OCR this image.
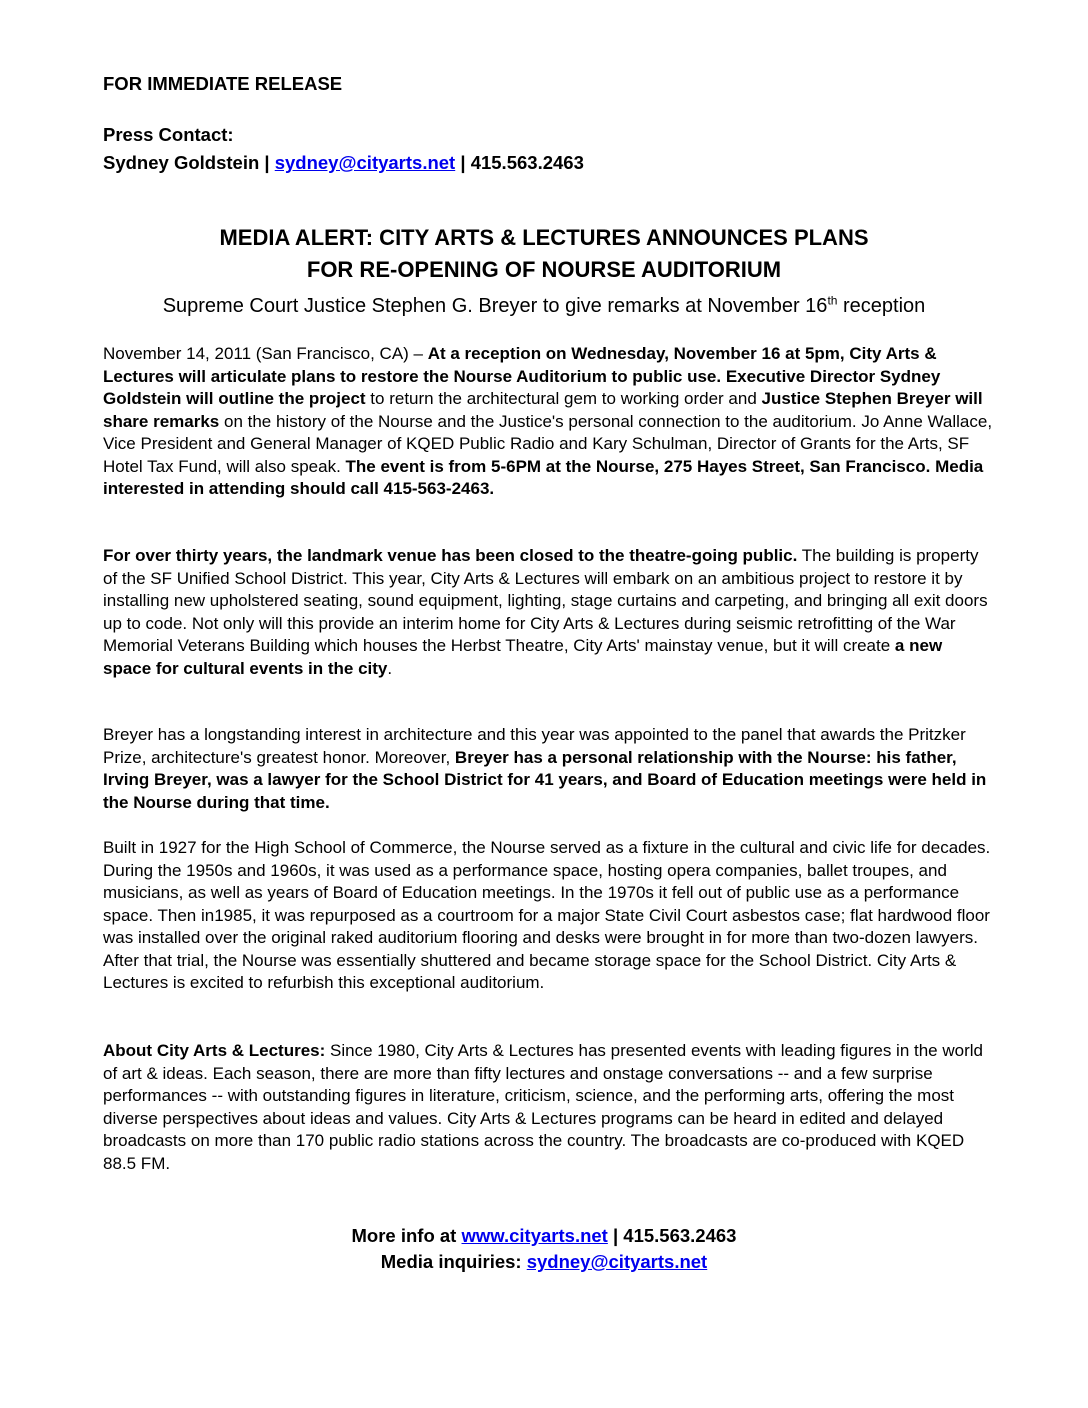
FOR IMMEDIATE RELEASE
Press Contact:
Sydney Goldstein | sydney@cityarts.net | 415.563.2463
MEDIA ALERT: CITY ARTS & LECTURES ANNOUNCES PLANS
FOR RE-OPENING OF NOURSE AUDITORIUM
Supreme Court Justice Stephen G. Breyer to give remarks at November 16th reception
November 14, 2011 (San Francisco, CA) – At a reception on Wednesday, November 16 at 5pm, City Arts & Lectures will articulate plans to restore the Nourse Auditorium to public use. Executive Director Sydney Goldstein will outline the project to return the architectural gem to working order and Justice Stephen Breyer will share remarks on the history of the Nourse and the Justice's personal connection to the auditorium. Jo Anne Wallace, Vice President and General Manager of KQED Public Radio and Kary Schulman, Director of Grants for the Arts, SF Hotel Tax Fund, will also speak. The event is from 5-6PM at the Nourse, 275 Hayes Street, San Francisco. Media interested in attending should call 415-563-2463.
For over thirty years, the landmark venue has been closed to the theatre-going public. The building is property of the SF Unified School District. This year, City Arts & Lectures will embark on an ambitious project to restore it by installing new upholstered seating, sound equipment, lighting, stage curtains and carpeting, and bringing all exit doors up to code. Not only will this provide an interim home for City Arts & Lectures during seismic retrofitting of the War Memorial Veterans Building which houses the Herbst Theatre, City Arts' mainstay venue, but it will create a new space for cultural events in the city.
Breyer has a longstanding interest in architecture and this year was appointed to the panel that awards the Pritzker Prize, architecture's greatest honor. Moreover, Breyer has a personal relationship with the Nourse: his father, Irving Breyer, was a lawyer for the School District for 41 years, and Board of Education meetings were held in the Nourse during that time.
Built in 1927 for the High School of Commerce, the Nourse served as a fixture in the cultural and civic life for decades. During the 1950s and 1960s, it was used as a performance space, hosting opera companies, ballet troupes, and musicians, as well as years of Board of Education meetings. In the 1970s it fell out of public use as a performance space. Then in1985, it was repurposed as a courtroom for a major State Civil Court asbestos case; flat hardwood floor was installed over the original raked auditorium flooring and desks were brought in for more than two-dozen lawyers. After that trial, the Nourse was essentially shuttered and became storage space for the School District. City Arts & Lectures is excited to refurbish this exceptional auditorium.
About City Arts & Lectures: Since 1980, City Arts & Lectures has presented events with leading figures in the world of art & ideas. Each season, there are more than fifty lectures and onstage conversations -- and a few surprise performances -- with outstanding figures in literature, criticism, science, and the performing arts, offering the most diverse perspectives about ideas and values. City Arts & Lectures programs can be heard in edited and delayed broadcasts on more than 170 public radio stations across the country. The broadcasts are co-produced with KQED 88.5 FM.
More info at www.cityarts.net | 415.563.2463
Media inquiries: sydney@cityarts.net
